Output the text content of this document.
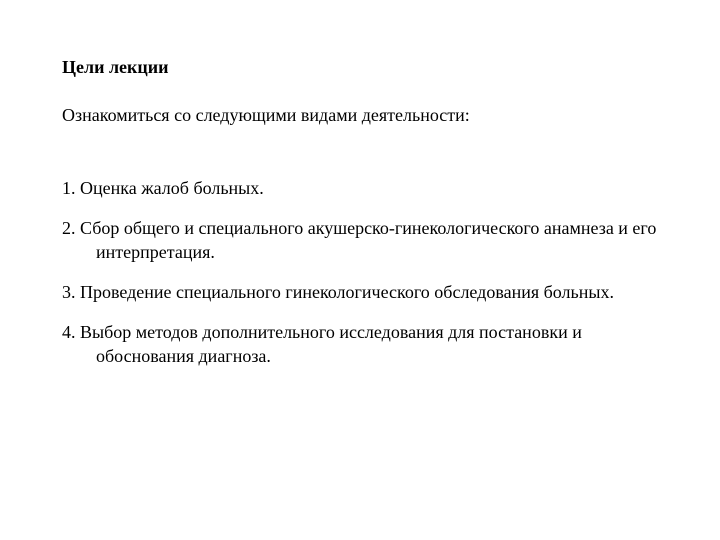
Цели лекции
Ознакомиться со следующими видами деятельности:
1. Оценка жалоб больных.
2. Сбор общего и специального акушерско-гинекологического анамнеза и его интерпретация.
3. Проведение специального гинекологического обследования больных.
4. Выбор методов дополнительного исследования для постановки и обоснования диагноза.
